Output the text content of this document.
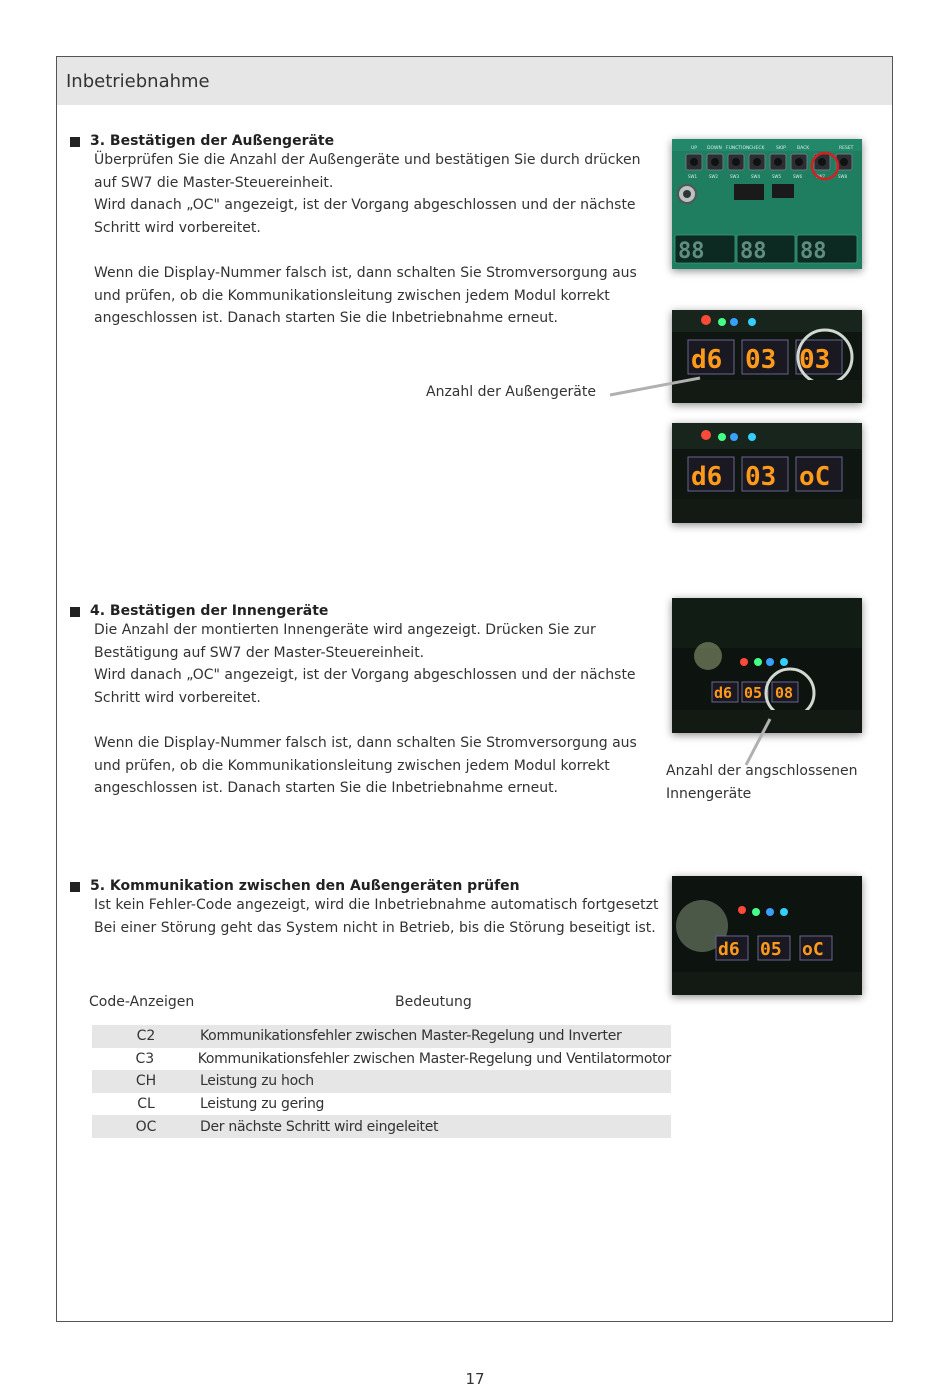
Inbetriebnahme
3. Bestätigen der Außengeräte
Überprüfen Sie die Anzahl der Außengeräte und bestätigen Sie durch drücken
auf SW7 die Master-Steuereinheit.
Wird danach „OC" angezeigt, ist der Vorgang abgeschlossen und der nächste
Schritt wird vorbereitet.
Wenn die Display-Nummer falsch ist, dann schalten Sie Stromversorgung aus
und prüfen, ob die Kommunikationsleitung zwischen jedem Modul korrekt
angeschlossen ist. Danach starten Sie die Inbetriebnahme erneut.
4. Bestätigen der Innengeräte
Die Anzahl der montierten Innengeräte wird angezeigt. Drücken Sie zur
Bestätigung auf SW7 der Master-Steuereinheit.
Wird danach „OC" angezeigt, ist der Vorgang abgeschlossen und der nächste
Schritt wird vorbereitet.
Wenn die Display-Nummer falsch ist, dann schalten Sie Stromversorgung aus
und prüfen, ob die Kommunikationsleitung zwischen jedem Modul korrekt
angeschlossen ist. Danach starten Sie die Inbetriebnahme erneut.
5. Kommunikation zwischen den Außengeräten prüfen
Ist kein Fehler-Code angezeigt, wird die Inbetriebnahme automatisch fortgesetzt
Bei einer Störung geht das System nicht in Betrieb, bis die Störung beseitigt ist.
Code-Anzeigen	Bedeutung
C2	Kommunikationsfehler zwischen Master-Regelung und Inverter
C3	Kommunikationsfehler zwischen Master-Regelung und Ventilatormotor
CH	Leistung zu hoch
CL	Leistung zu gering
OC	Der nächste Schritt wird eingeleitet
UP DOWN FUNCTION CHECK	SKIP BACK	RESET
SW1	SW2	SW3	SW4	SW5	SW6	SW7	SW8
88 88 88
d6 03 03
Anzahl der Außengeräte
d6 03 oC
d6 05 08
Anzahl der angschlossenen
Innengeräte
d6 05 oC
17
